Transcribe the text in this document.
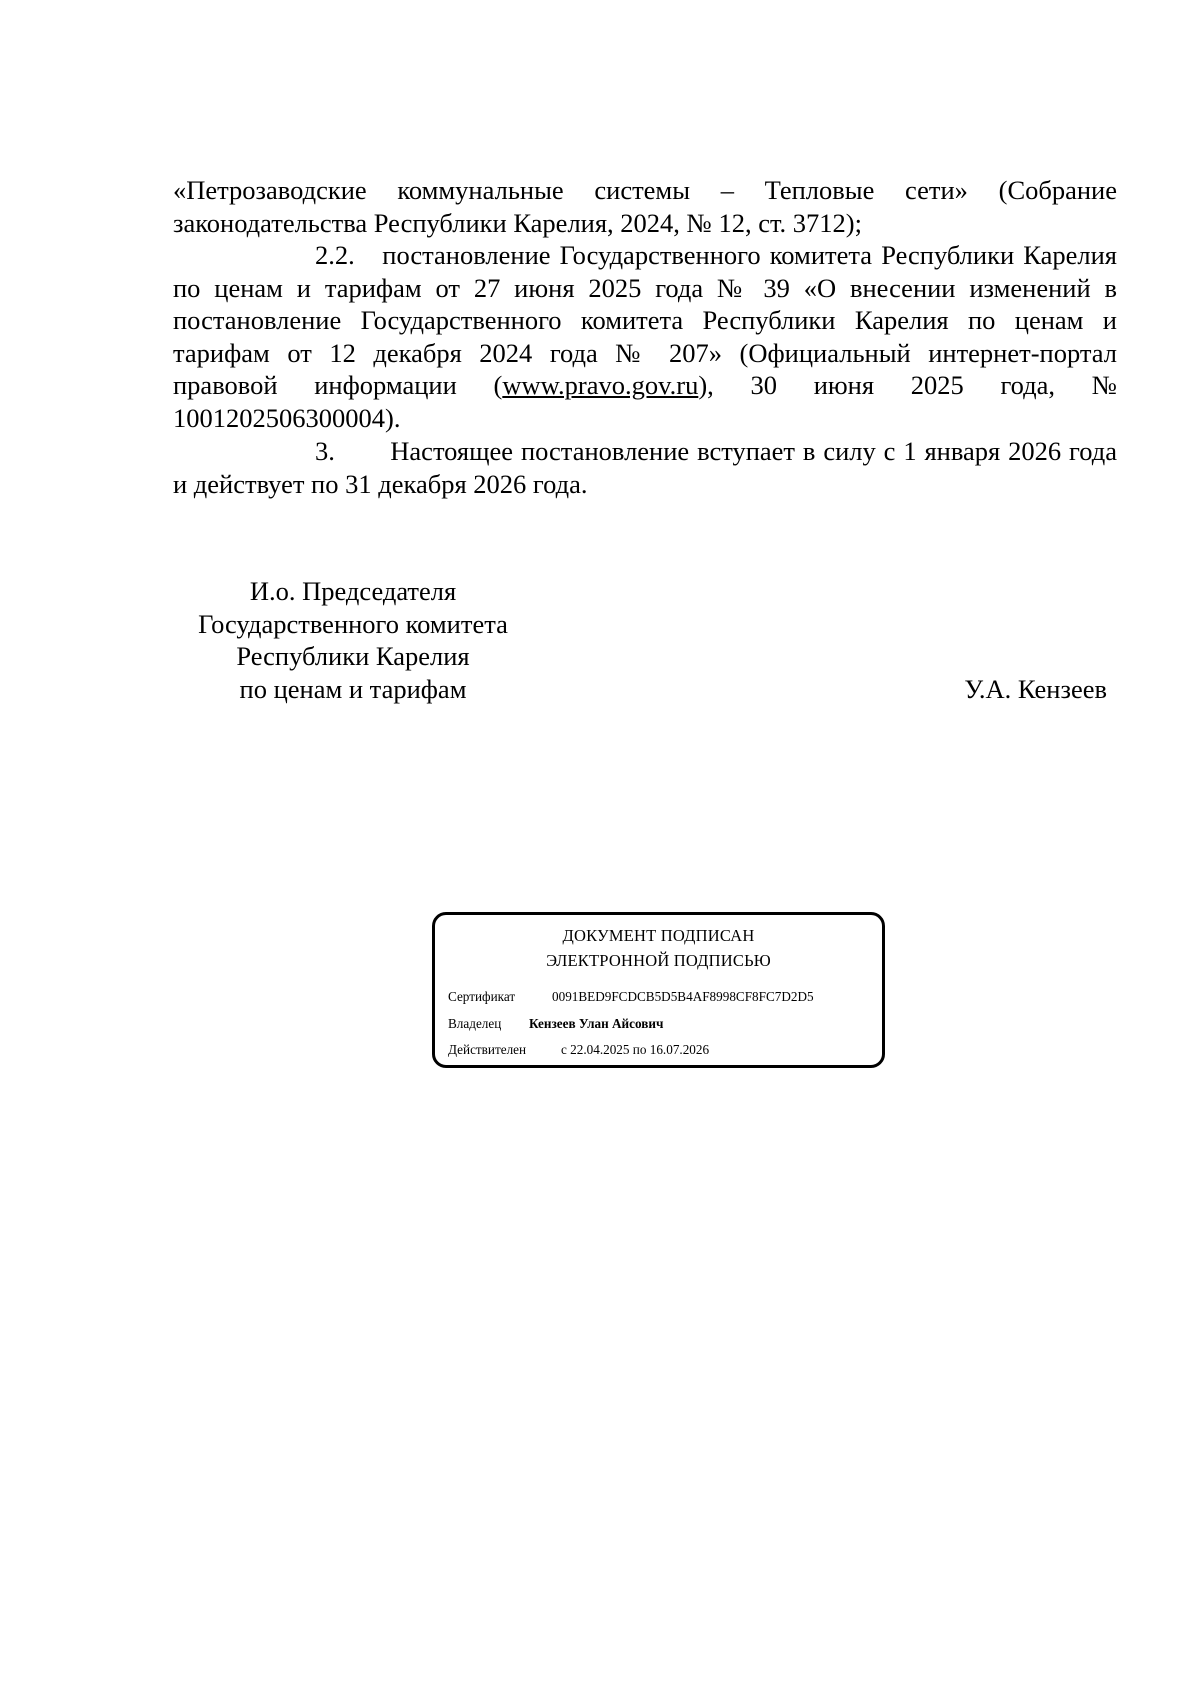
«Петрозаводские коммунальные системы – Тепловые сети» (Собрание законодательства Республики Карелия, 2024, № 12, ст. 3712);
2.2. постановление Государственного комитета Республики Карелия по ценам и тарифам от 27 июня 2025 года № 39 «О внесении изменений в постановление Государственного комитета Республики Карелия по ценам и тарифам от 12 декабря 2024 года № 207» (Официальный интернет-портал правовой информации (www.pravo.gov.ru), 30 июня 2025 года, № 1001202506300004).
3. Настоящее постановление вступает в силу с 1 января 2026 года и действует по 31 декабря 2026 года.
И.о. Председателя
Государственного комитета
Республики Карелия
по ценам и тарифам	У.А. Кензеев
ДОКУМЕНТ ПОДПИСАН
ЭЛЕКТРОННОЙ ПОДПИСЬЮ
Сертификат	0091BED9FCDCB5D5B4AF8998CF8FC7D2D5
Владелец Кензеев Улан Айсович
Действителен	с 22.04.2025 по 16.07.2026
